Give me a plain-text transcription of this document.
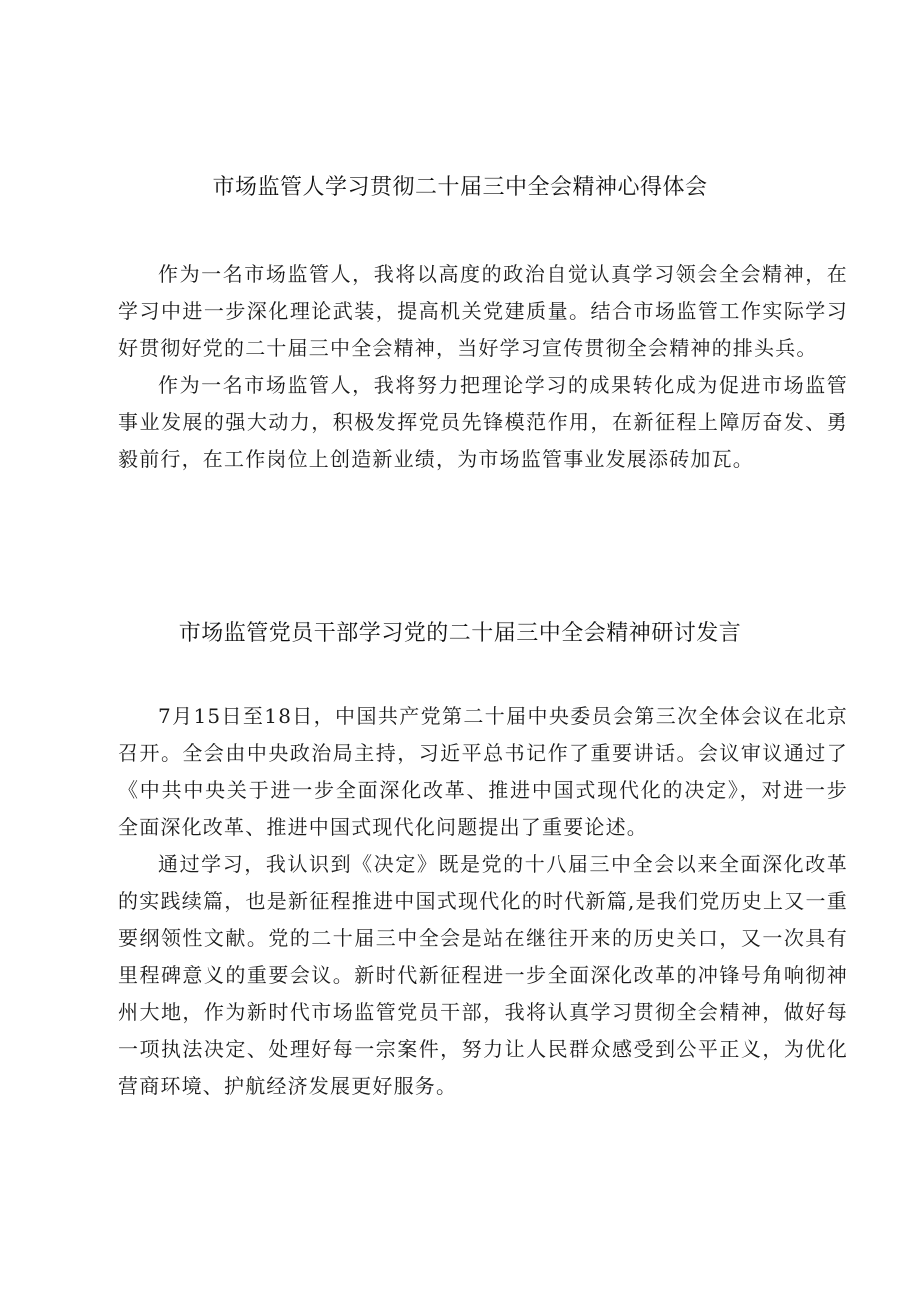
市场监管人学习贯彻二十届三中全会精神心得体会

作为一名市场监管人，我将以高度的政治自觉认真学习领会全会精神，在学习中进一步深化理论武装，提高机关党建质量。结合市场监管工作实际学习好贯彻好党的二十届三中全会精神，当好学习宣传贯彻全会精神的排头兵。

作为一名市场监管人，我将努力把理论学习的成果转化成为促进市场监管事业发展的强大动力，积极发挥党员先锋模范作用，在新征程上障厉奋发、勇毅前行，在工作岗位上创造新业绩，为市场监管事业发展添砖加瓦。

市场监管党员干部学习党的二十届三中全会精神研讨发言

7月15日至18日，中国共产党第二十届中央委员会第三次全体会议在北京召开。全会由中央政治局主持，习近平总书记作了重要讲话。会议审议通过了《中共中央关于进一步全面深化改革、推进中国式现代化的决定》，对进一步全面深化改革、推进中国式现代化问题提出了重要论述。

通过学习，我认识到《决定》既是党的十八届三中全会以来全面深化改革的实践续篇，也是新征程推进中国式现代化的时代新篇,是我们党历史上又一重要纲领性文献。党的二十届三中全会是站在继往开来的历史关口，又一次具有里程碑意义的重要会议。新时代新征程进一步全面深化改革的冲锋号角响彻神州大地，作为新时代市场监管党员干部，我将认真学习贯彻全会精神，做好每一项执法决定、处理好每一宗案件，努力让人民群众感受到公平正义，为优化营商环境、护航经济发展更好服务。
